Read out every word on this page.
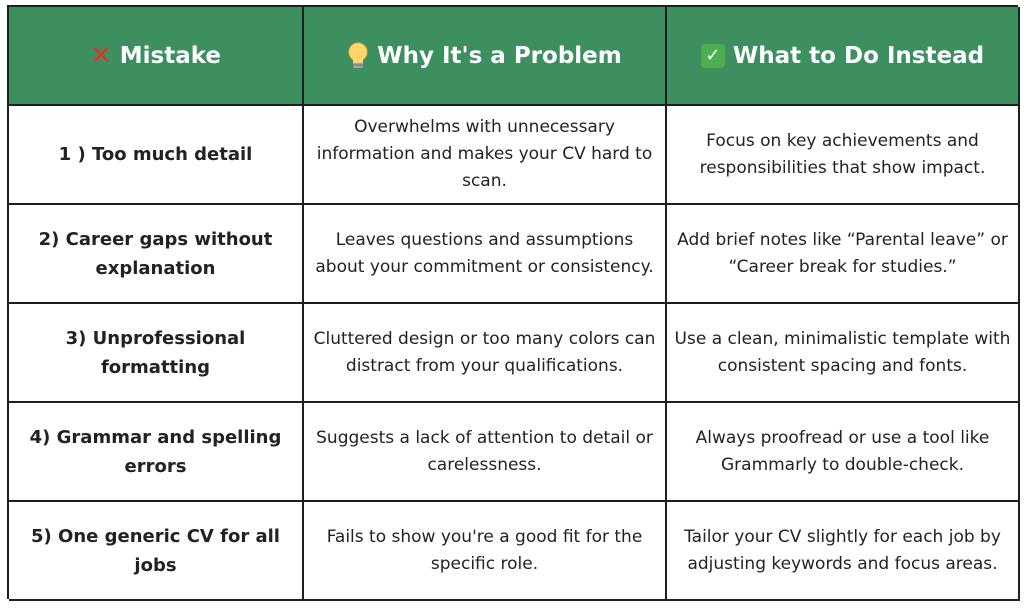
✕ Mistake	Why It's a Problem	✓ What to Do Instead
1 ) Too much detail
Overwhelms with unnecessary information and makes your CV hard to scan.
Focus on key achievements and responsibilities that show impact.
2) Career gaps without explanation
Leaves questions and assumptions about your commitment or consistency.
Add brief notes like “Parental leave” or “Career break for studies.”
3) Unprofessional formatting
Cluttered design or too many colors can distract from your qualifications.
Use a clean, minimalistic template with consistent spacing and fonts.
4) Grammar and spelling errors
Suggests a lack of attention to detail or carelessness.
Always proofread or use a tool like Grammarly to double-check.
5) One generic CV for all jobs
Fails to show you're a good fit for the specific role.
Tailor your CV slightly for each job by adjusting keywords and focus areas.
